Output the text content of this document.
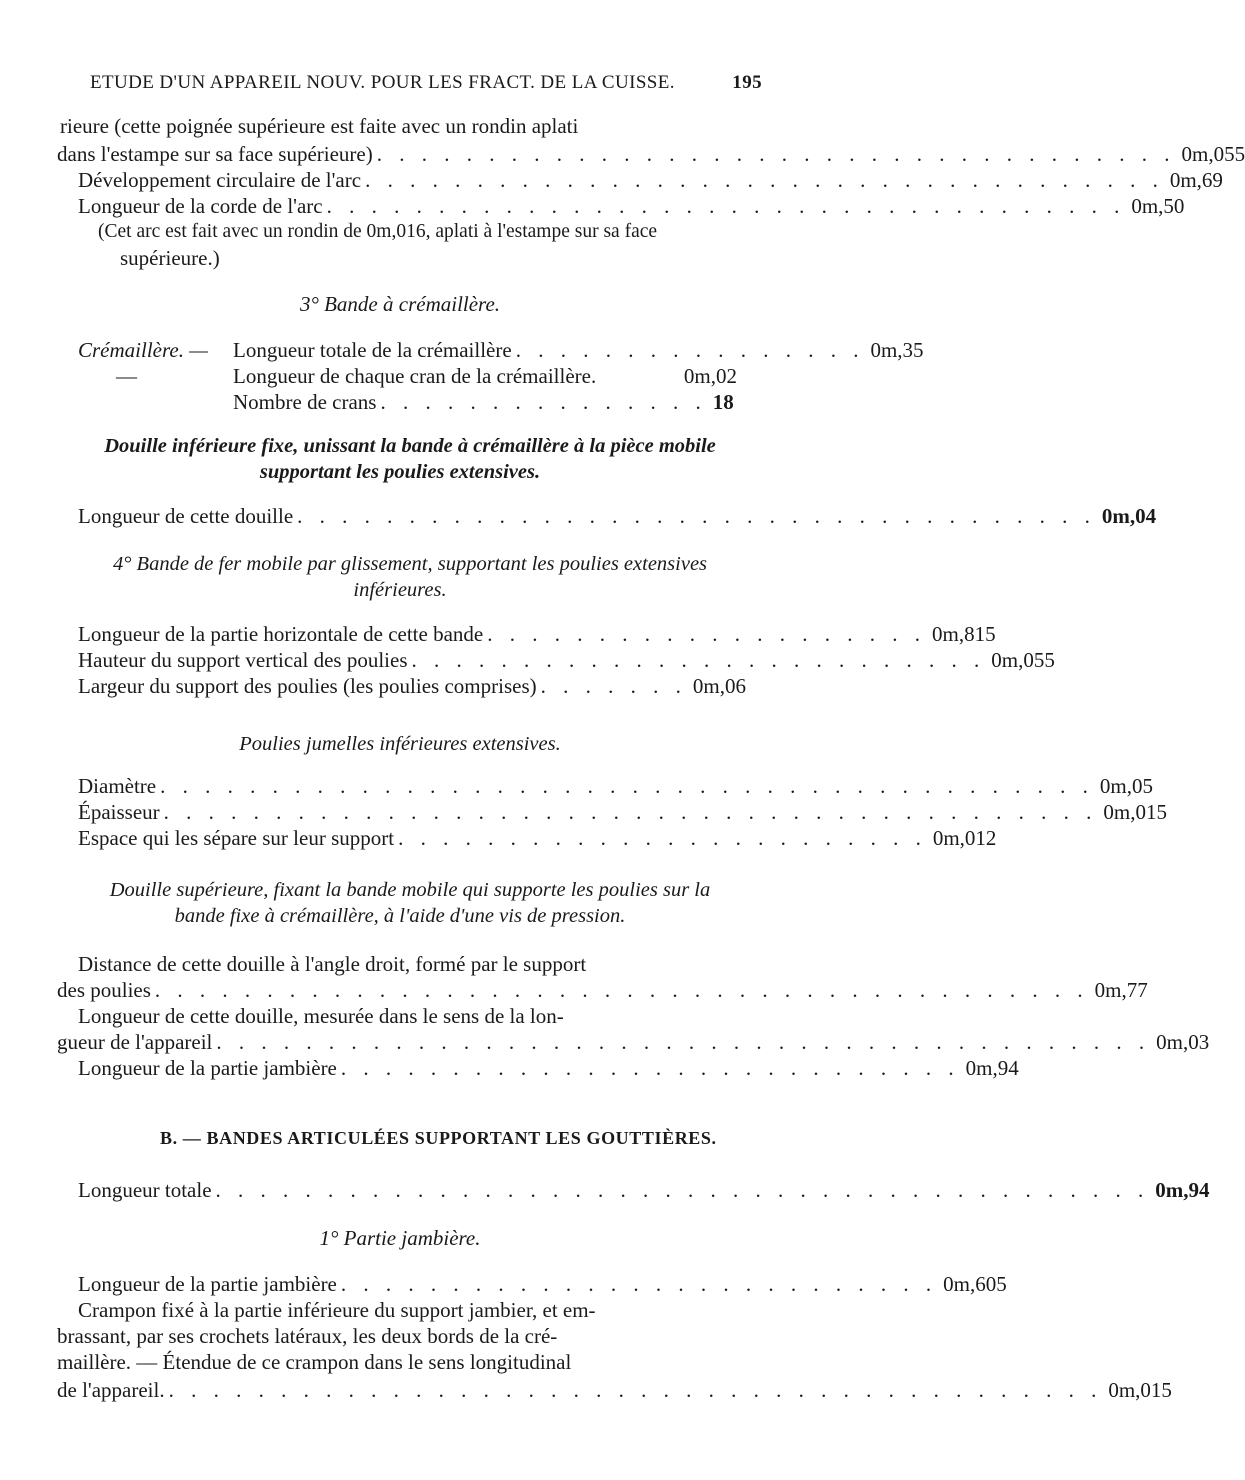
ETUDE D'UN APPAREIL NOUV. POUR LES FRACT. DE LA CUISSE.	195
rieure (cette poignée supérieure est faite avec un rondin aplati
dans l'estampe sur sa face supérieure) . . . . . . . . . . . . . . . . . . . . . . . . . . . . . . . . . . . . 0m,055
Développement circulaire de l'arc . . . . . . . . . . . . . . . . . . . . . . . . . . . . . . . . . . . . 0m,69
Longueur de la corde de l'arc . . . . . . . . . . . . . . . . . . . . . . . . . . . . . . . . . . . . 0m,50
(Cet arc est fait avec un rondin de 0m,016, aplati à l'estampe sur sa face
supérieure.)
3° Bande à crémaillère.
Crémaillère. — Longueur totale de la crémaillère . . . . . . . . . . . . . . . . 0m,35
—	Longueur de chaque cran de la crémaillère.	0m,02
Nombre de crans . . . . . . . . . . . . . . . 18
Douille inférieure fixe, unissant la bande à crémaillère à la pièce mobile
supportant les poulies extensives.
Longueur de cette douille . . . . . . . . . . . . . . . . . . . . . . . . . . . . . . . . . . . . 0m,04
4° Bande de fer mobile par glissement, supportant les poulies extensives
inférieures.
Longueur de la partie horizontale de cette bande . . . . . . . . . . . . . . . . . . . . 0m,815
Hauteur du support vertical des poulies . . . . . . . . . . . . . . . . . . . . . . . . . . 0m,055
Largeur du support des poulies (les poulies comprises) . . . . . . . 0m,06
Poulies jumelles inférieures extensives.
Diamètre . . . . . . . . . . . . . . . . . . . . . . . . . . . . . . . . . . . . . . . . . . 0m,05
Épaisseur . . . . . . . . . . . . . . . . . . . . . . . . . . . . . . . . . . . . . . . . . . 0m,015
Espace qui les sépare sur leur support . . . . . . . . . . . . . . . . . . . . . . . . 0m,012
Douille supérieure, fixant la bande mobile qui supporte les poulies sur la
bande fixe à crémaillère, à l'aide d'une vis de pression.
Distance de cette douille à l'angle droit, formé par le support
des poulies . . . . . . . . . . . . . . . . . . . . . . . . . . . . . . . . . . . . . . . . . . 0m,77
Longueur de cette douille, mesurée dans le sens de la lon-
gueur de l'appareil . . . . . . . . . . . . . . . . . . . . . . . . . . . . . . . . . . . . . . . . . . 0m,03
Longueur de la partie jambière . . . . . . . . . . . . . . . . . . . . . . . . . . . . 0m,94
B. — BANDES ARTICULÉES SUPPORTANT LES GOUTTIÈRES.
Longueur totale . . . . . . . . . . . . . . . . . . . . . . . . . . . . . . . . . . . . . . . . . . 0m,94
1° Partie jambière.
Longueur de la partie jambière . . . . . . . . . . . . . . . . . . . . . . . . . . . 0m,605
Crampon fixé à la partie inférieure du support jambier, et em-
brassant, par ses crochets latéraux, les deux bords de la cré-
maillère. — Étendue de ce crampon dans le sens longitudinal
de l'appareil. . . . . . . . . . . . . . . . . . . . . . . . . . . . . . . . . . . . . . . . . . . 0m,015
